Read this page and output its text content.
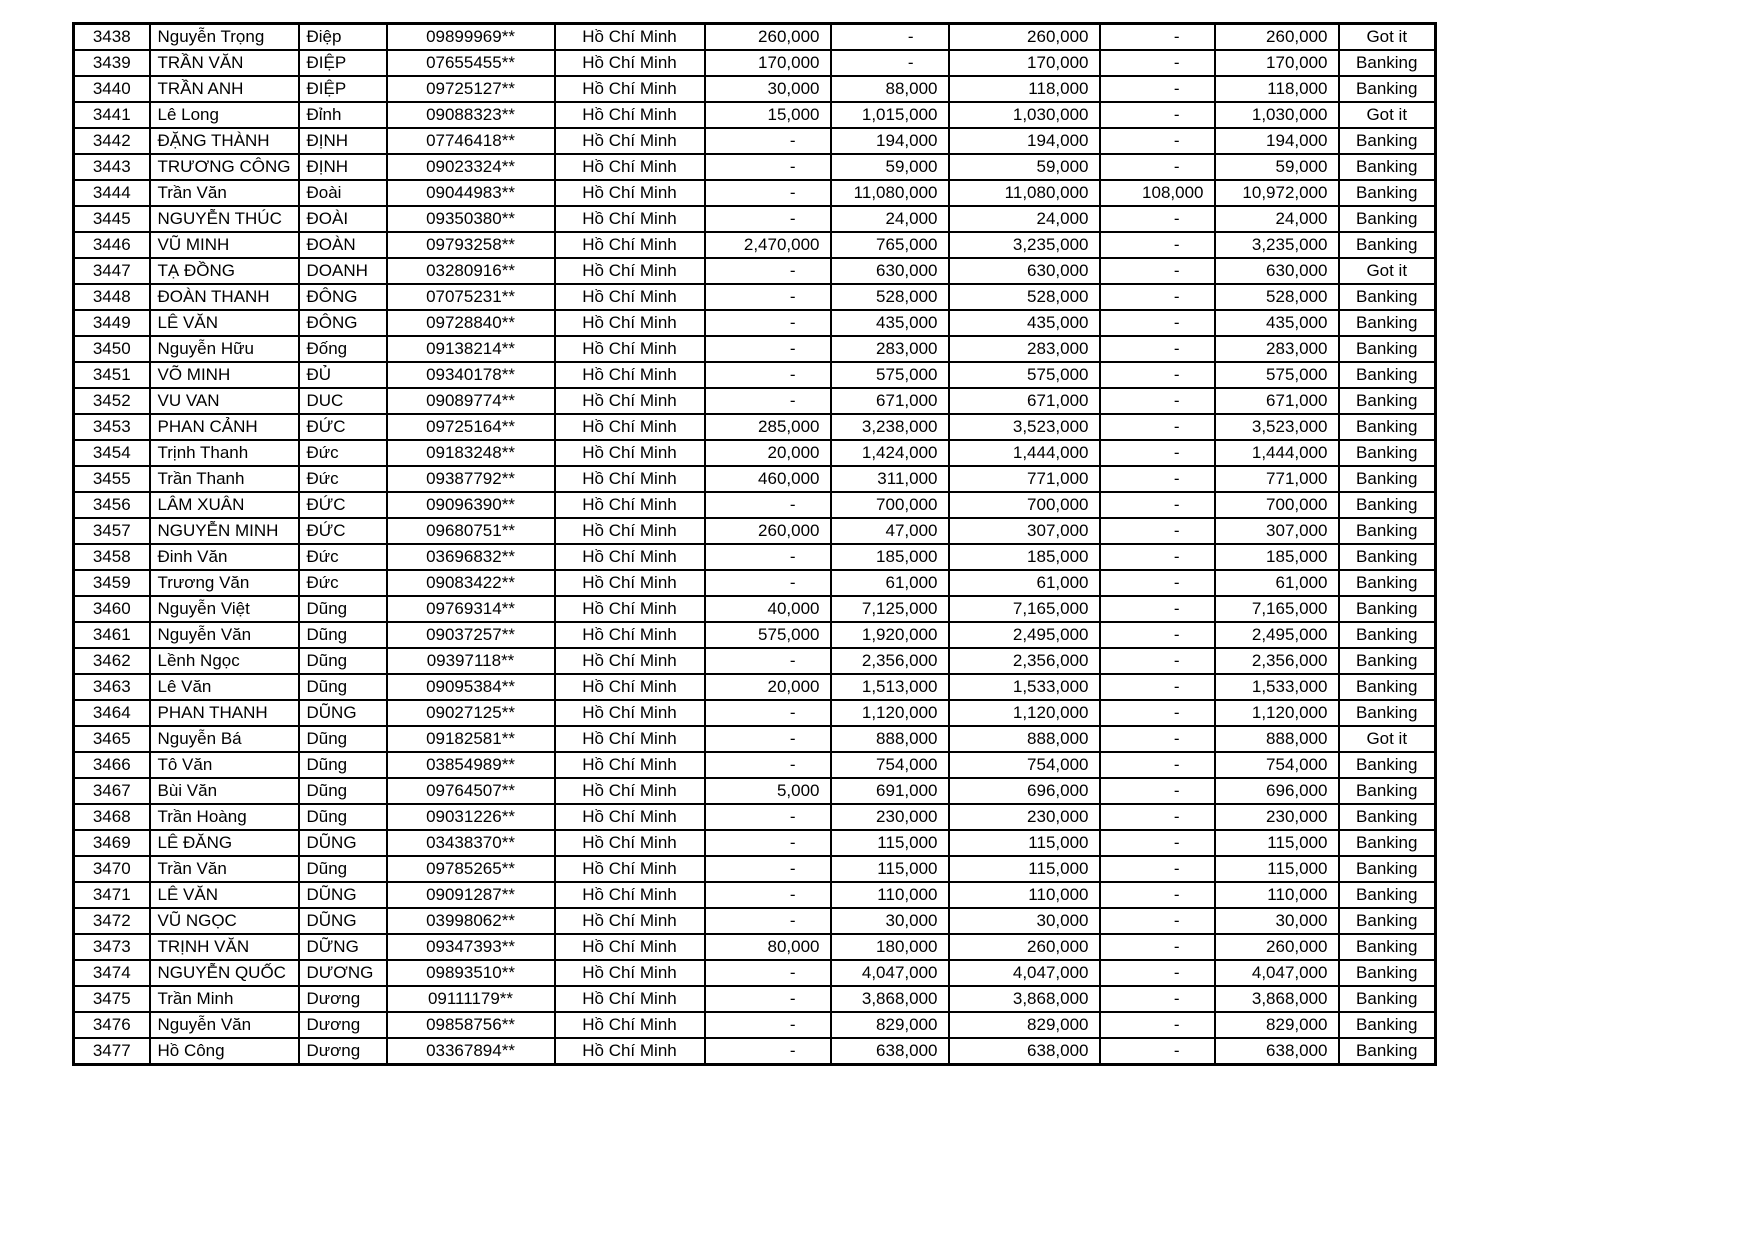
3438	Nguyễn Trọng	Điệp	09899969**	Hồ Chí Minh	260,000	-	260,000	-	260,000	Got it
3439	TRẦN VĂN	ĐIỆP	07655455**	Hồ Chí Minh	170,000	-	170,000	-	170,000	Banking
3440	TRẦN ANH	ĐIỆP	09725127**	Hồ Chí Minh	30,000	88,000	118,000	-	118,000	Banking
3441	Lê Long	Đỉnh	09088323**	Hồ Chí Minh	15,000	1,015,000	1,030,000	-	1,030,000	Got it
3442	ĐẶNG THÀNH	ĐỊNH	07746418**	Hồ Chí Minh	-	194,000	194,000	-	194,000	Banking
3443	TRƯƠNG CÔNG	ĐỊNH	09023324**	Hồ Chí Minh	-	59,000	59,000	-	59,000	Banking
3444	Trần Văn	Đoài	09044983**	Hồ Chí Minh	-	11,080,000	11,080,000	108,000	10,972,000	Banking
3445	NGUYỄN THÚC	ĐOÀI	09350380**	Hồ Chí Minh	-	24,000	24,000	-	24,000	Banking
3446	VŨ MINH	ĐOÀN	09793258**	Hồ Chí Minh	2,470,000	765,000	3,235,000	-	3,235,000	Banking
3447	TẠ ĐỒNG	DOANH	03280916**	Hồ Chí Minh	-	630,000	630,000	-	630,000	Got it
3448	ĐOÀN THANH	ĐÔNG	07075231**	Hồ Chí Minh	-	528,000	528,000	-	528,000	Banking
3449	LÊ VĂN	ĐÔNG	09728840**	Hồ Chí Minh	-	435,000	435,000	-	435,000	Banking
3450	Nguyễn Hữu	Đống	09138214**	Hồ Chí Minh	-	283,000	283,000	-	283,000	Banking
3451	VÕ MINH	ĐỦ	09340178**	Hồ Chí Minh	-	575,000	575,000	-	575,000	Banking
3452	VU VAN	DUC	09089774**	Hồ Chí Minh	-	671,000	671,000	-	671,000	Banking
3453	PHAN CẢNH	ĐỨC	09725164**	Hồ Chí Minh	285,000	3,238,000	3,523,000	-	3,523,000	Banking
3454	Trịnh Thanh	Đức	09183248**	Hồ Chí Minh	20,000	1,424,000	1,444,000	-	1,444,000	Banking
3455	Trần Thanh	Đức	09387792**	Hồ Chí Minh	460,000	311,000	771,000	-	771,000	Banking
3456	LÂM XUÂN	ĐỨC	09096390**	Hồ Chí Minh	-	700,000	700,000	-	700,000	Banking
3457	NGUYỄN MINH	ĐỨC	09680751**	Hồ Chí Minh	260,000	47,000	307,000	-	307,000	Banking
3458	Đinh Văn	Đức	03696832**	Hồ Chí Minh	-	185,000	185,000	-	185,000	Banking
3459	Trương Văn	Đức	09083422**	Hồ Chí Minh	-	61,000	61,000	-	61,000	Banking
3460	Nguyễn Việt	Dũng	09769314**	Hồ Chí Minh	40,000	7,125,000	7,165,000	-	7,165,000	Banking
3461	Nguyễn Văn	Dũng	09037257**	Hồ Chí Minh	575,000	1,920,000	2,495,000	-	2,495,000	Banking
3462	Lềnh Ngọc	Dũng	09397118**	Hồ Chí Minh	-	2,356,000	2,356,000	-	2,356,000	Banking
3463	Lê Văn	Dũng	09095384**	Hồ Chí Minh	20,000	1,513,000	1,533,000	-	1,533,000	Banking
3464	PHAN THANH	DŨNG	09027125**	Hồ Chí Minh	-	1,120,000	1,120,000	-	1,120,000	Banking
3465	Nguyễn Bá	Dũng	09182581**	Hồ Chí Minh	-	888,000	888,000	-	888,000	Got it
3466	Tô Văn	Dũng	03854989**	Hồ Chí Minh	-	754,000	754,000	-	754,000	Banking
3467	Bùi Văn	Dũng	09764507**	Hồ Chí Minh	5,000	691,000	696,000	-	696,000	Banking
3468	Trần Hoàng	Dũng	09031226**	Hồ Chí Minh	-	230,000	230,000	-	230,000	Banking
3469	LÊ ĐĂNG	DŨNG	03438370**	Hồ Chí Minh	-	115,000	115,000	-	115,000	Banking
3470	Trần Văn	Dũng	09785265**	Hồ Chí Minh	-	115,000	115,000	-	115,000	Banking
3471	LÊ VĂN	DŨNG	09091287**	Hồ Chí Minh	-	110,000	110,000	-	110,000	Banking
3472	VŨ NGỌC	DŨNG	03998062**	Hồ Chí Minh	-	30,000	30,000	-	30,000	Banking
3473	TRỊNH VĂN	DỮNG	09347393**	Hồ Chí Minh	80,000	180,000	260,000	-	260,000	Banking
3474	NGUYỄN QUỐC	DƯƠNG	09893510**	Hồ Chí Minh	-	4,047,000	4,047,000	-	4,047,000	Banking
3475	Trần Minh	Dương	09111179**	Hồ Chí Minh	-	3,868,000	3,868,000	-	3,868,000	Banking
3476	Nguyễn Văn	Dương	09858756**	Hồ Chí Minh	-	829,000	829,000	-	829,000	Banking
3477	Hồ Công	Dương	03367894**	Hồ Chí Minh	-	638,000	638,000	-	638,000	Banking
